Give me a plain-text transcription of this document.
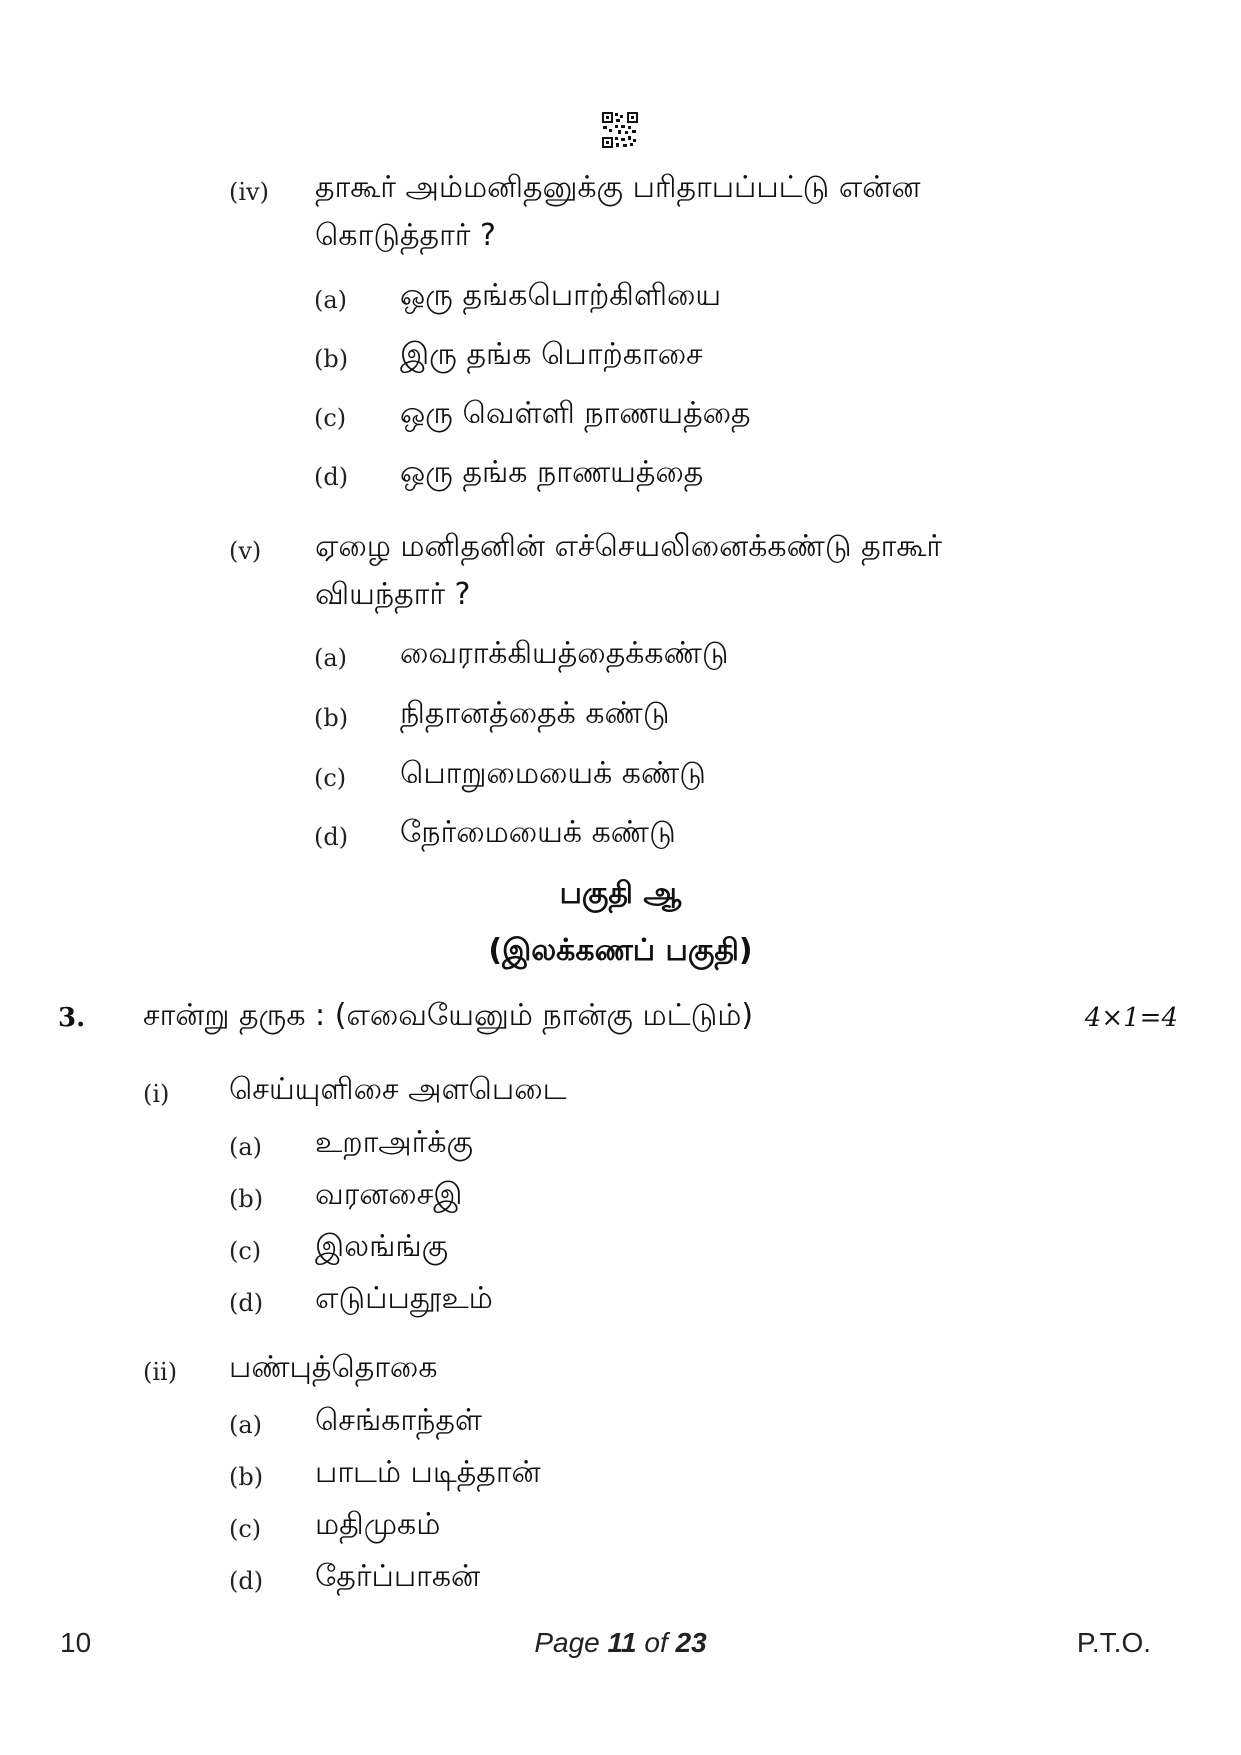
(iv) தாகூர் அம்மனிதனுக்கு பரிதாபப்பட்டு என்ன
கொடுத்தார் ?
(a) ஒரு தங்கபொற்கிளியை
(b) இரு தங்க பொற்காசை
(c) ஒரு வெள்ளி நாணயத்தை
(d) ஒரு தங்க நாணயத்தை
(v) ஏழை மனிதனின் எச்செயலினைக்கண்டு தாகூர்
வியந்தார் ?
(a) வைராக்கியத்தைக்கண்டு
(b) நிதானத்தைக் கண்டு
(c) பொறுமையைக் கண்டு
(d) நேர்மையைக் கண்டு
பகுதி ஆ
(இலக்கணப் பகுதி)
3. சான்று தருக : (எவையேனும் நான்கு மட்டும்)	4×1=4
(i) செய்யுளிசை அளபெடை
(a) உறாஅர்க்கு
(b) வரனசைஇ
(c) இலங்ங்கு
(d) எடுப்பதூஉம்
(ii) பண்புத்தொகை
(a) செங்காந்தள்
(b) பாடம் படித்தான்
(c) மதிமுகம்
(d) தேர்ப்பாகன்
10	Page 11 of 23	P.T.O.
